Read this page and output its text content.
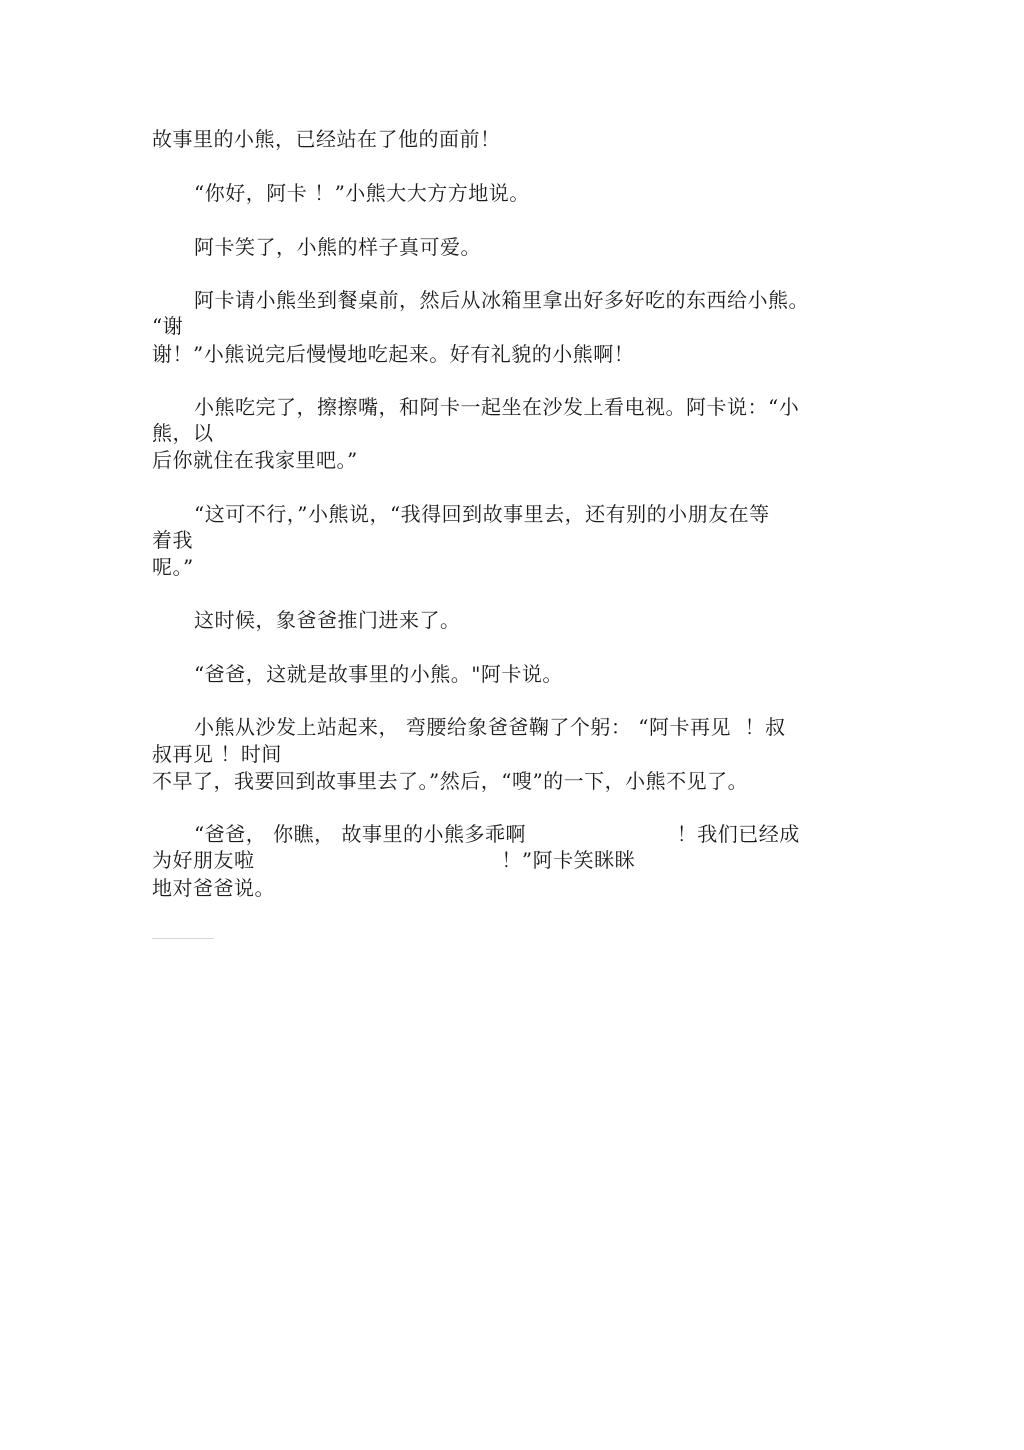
故事里的小熊，已经站在了他的面前！
“你好，阿卡 ！”小熊大大方方地说。
阿卡笑了，小熊的样子真可爱。
阿卡请小熊坐到餐桌前，然后从冰箱里拿出好多好吃的东西给小熊。
“谢
谢！”小熊说完后慢慢地吃起来。好有礼貌的小熊啊！
小熊吃完了，擦擦嘴，和阿卡一起坐在沙发上看电视。阿卡说：“小
熊，以
后你就住在我家里吧。”
“这可不行，”小熊说，“我得回到故事里去，还有别的小朋友在等
着我
呢。”
这时候，象爸爸推门进来了。
“爸爸，这就是故事里的小熊。"阿卡说。
小熊从沙发上站起来， 弯腰给象爸爸鞠了个躬： “阿卡再见  ！叔
叔再见 ！时间
不早了，我要回到故事里去了。”然后，“嗖”的一下，小熊不见了。
“爸爸， 你瞧， 故事里的小熊多乖啊                      ！我们已经成
为好朋友啦                                    ！”阿卡笑眯眯
地对爸爸说。
